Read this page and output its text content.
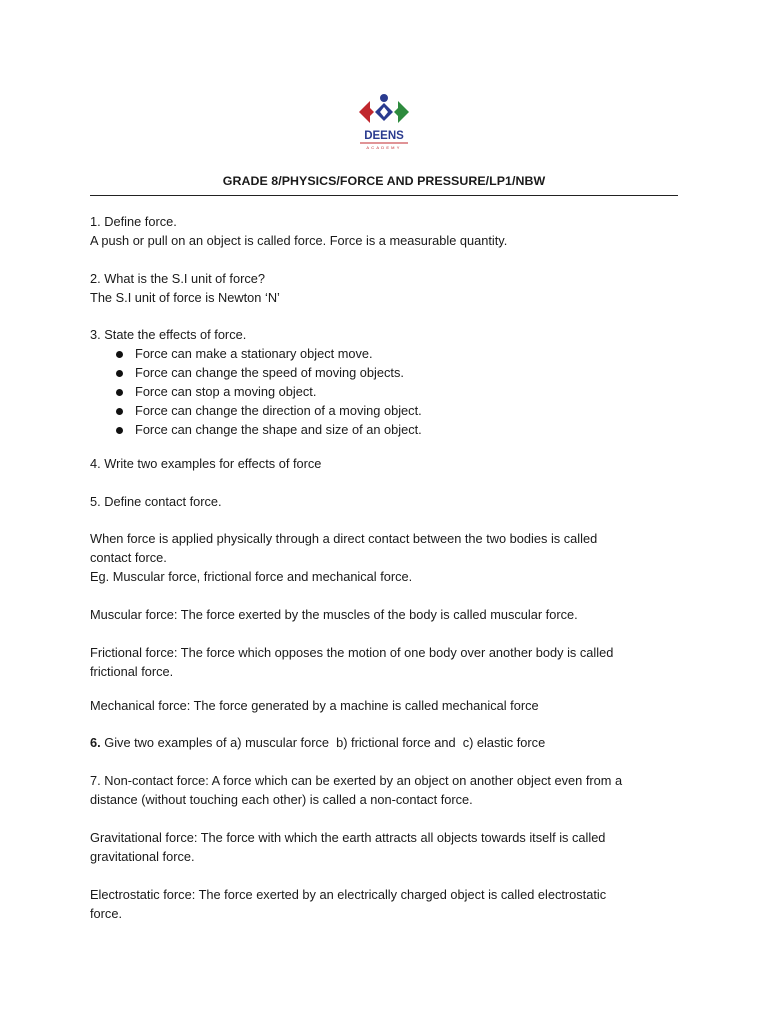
DEENS
ACADEMY
GRADE 8/PHYSICS/FORCE AND PRESSURE/LP1/NBW

1. Define force.

A push or pull on an object is called force. Force is a measurable quantity.

2. What is the S.I unit of force?

The S.I unit of force is Newton ‘N’

3. State the effects of force.

Force can make a stationary object move.
Force can change the speed of moving objects.
Force can stop a moving object.
Force can change the direction of a moving object.
Force can change the shape and size of an object.

4. Write two examples for effects of force

5. Define contact force.

When force is applied physically through a direct contact between the two bodies is called

contact force.

Eg. Muscular force, frictional force and mechanical force.

Muscular force: The force exerted by the muscles of the body is called muscular force.

Frictional force: The force which opposes the motion of one body over another body is called

frictional force.

Mechanical force: The force generated by a machine is called mechanical force

6. Give two examples of a) muscular force  b) frictional force and  c) elastic force

7. Non-contact force: A force which can be exerted by an object on another object even from a

distance (without touching each other) is called a non-contact force.

Gravitational force: The force with which the earth attracts all objects towards itself is called

gravitational force.

Electrostatic force: The force exerted by an electrically charged object is called electrostatic

force.
